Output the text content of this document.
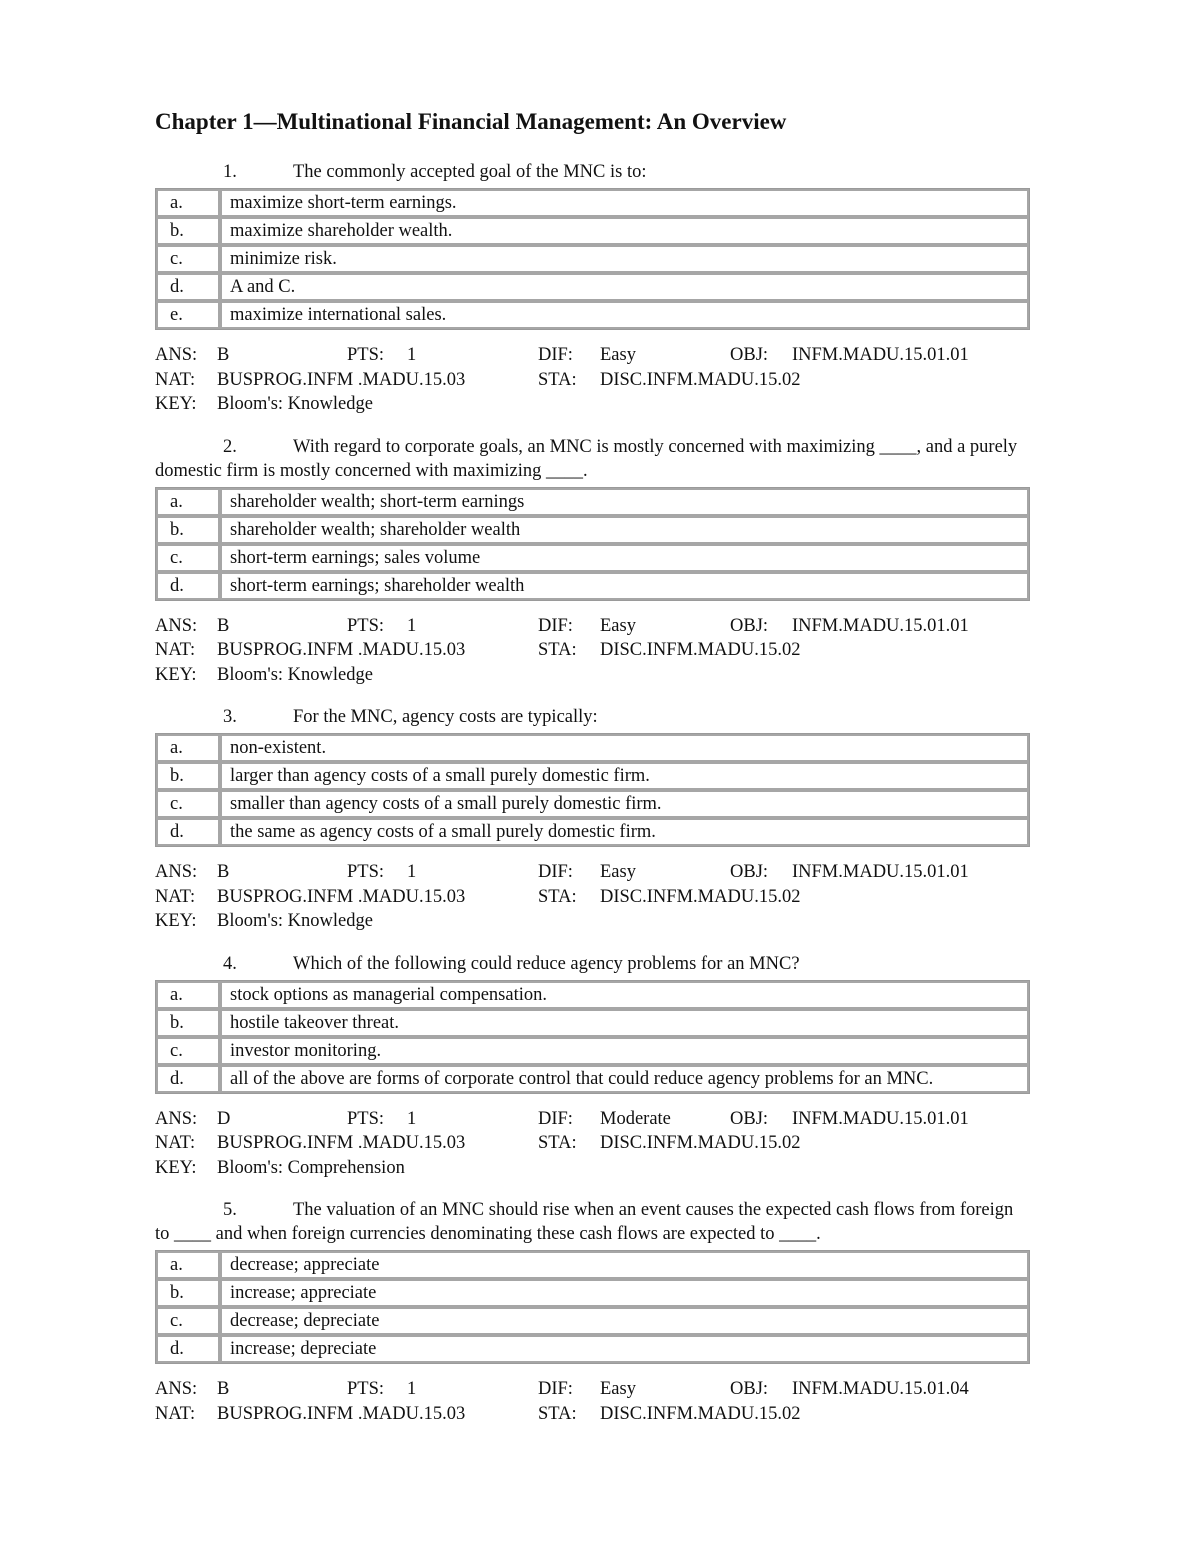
Chapter 1—Multinational Financial Management: An Overview
1.	The commonly accepted goal of the MNC is to:
a.	maximize short-term earnings.
b.	maximize shareholder wealth.
c.	minimize risk.
d.	A and C.
e.	maximize international sales.
ANS: B	PTS: 1	DIF: Easy	OBJ: INFM.MADU.15.01.01
NAT: BUSPROG.INFM .MADU.15.03	STA: DISC.INFM.MADU.15.02
KEY: Bloom's: Knowledge
2.	With regard to corporate goals, an MNC is mostly concerned with maximizing ____, and a purely domestic firm is mostly concerned with maximizing ____.
a.	shareholder wealth; short-term earnings
b.	shareholder wealth; shareholder wealth
c.	short-term earnings; sales volume
d.	short-term earnings; shareholder wealth
ANS: B	PTS: 1	DIF: Easy	OBJ: INFM.MADU.15.01.01
NAT: BUSPROG.INFM .MADU.15.03	STA: DISC.INFM.MADU.15.02
KEY: Bloom's: Knowledge
3.	For the MNC, agency costs are typically:
a.	non-existent.
b.	larger than agency costs of a small purely domestic firm.
c.	smaller than agency costs of a small purely domestic firm.
d.	the same as agency costs of a small purely domestic firm.
ANS: B	PTS: 1	DIF: Easy	OBJ: INFM.MADU.15.01.01
NAT: BUSPROG.INFM .MADU.15.03	STA: DISC.INFM.MADU.15.02
KEY: Bloom's: Knowledge
4.	Which of the following could reduce agency problems for an MNC?
a.	stock options as managerial compensation.
b.	hostile takeover threat.
c.	investor monitoring.
d.	all of the above are forms of corporate control that could reduce agency problems for an MNC.
ANS: D	PTS: 1	DIF: Moderate	OBJ: INFM.MADU.15.01.01
NAT: BUSPROG.INFM .MADU.15.03	STA: DISC.INFM.MADU.15.02
KEY: Bloom's: Comprehension
5.	The valuation of an MNC should rise when an event causes the expected cash flows from foreign to ____ and when foreign currencies denominating these cash flows are expected to ____.
a.	decrease; appreciate
b.	increase; appreciate
c.	decrease; depreciate
d.	increase; depreciate
ANS: B	PTS: 1	DIF: Easy	OBJ: INFM.MADU.15.01.04
NAT: BUSPROG.INFM .MADU.15.03	STA: DISC.INFM.MADU.15.02
